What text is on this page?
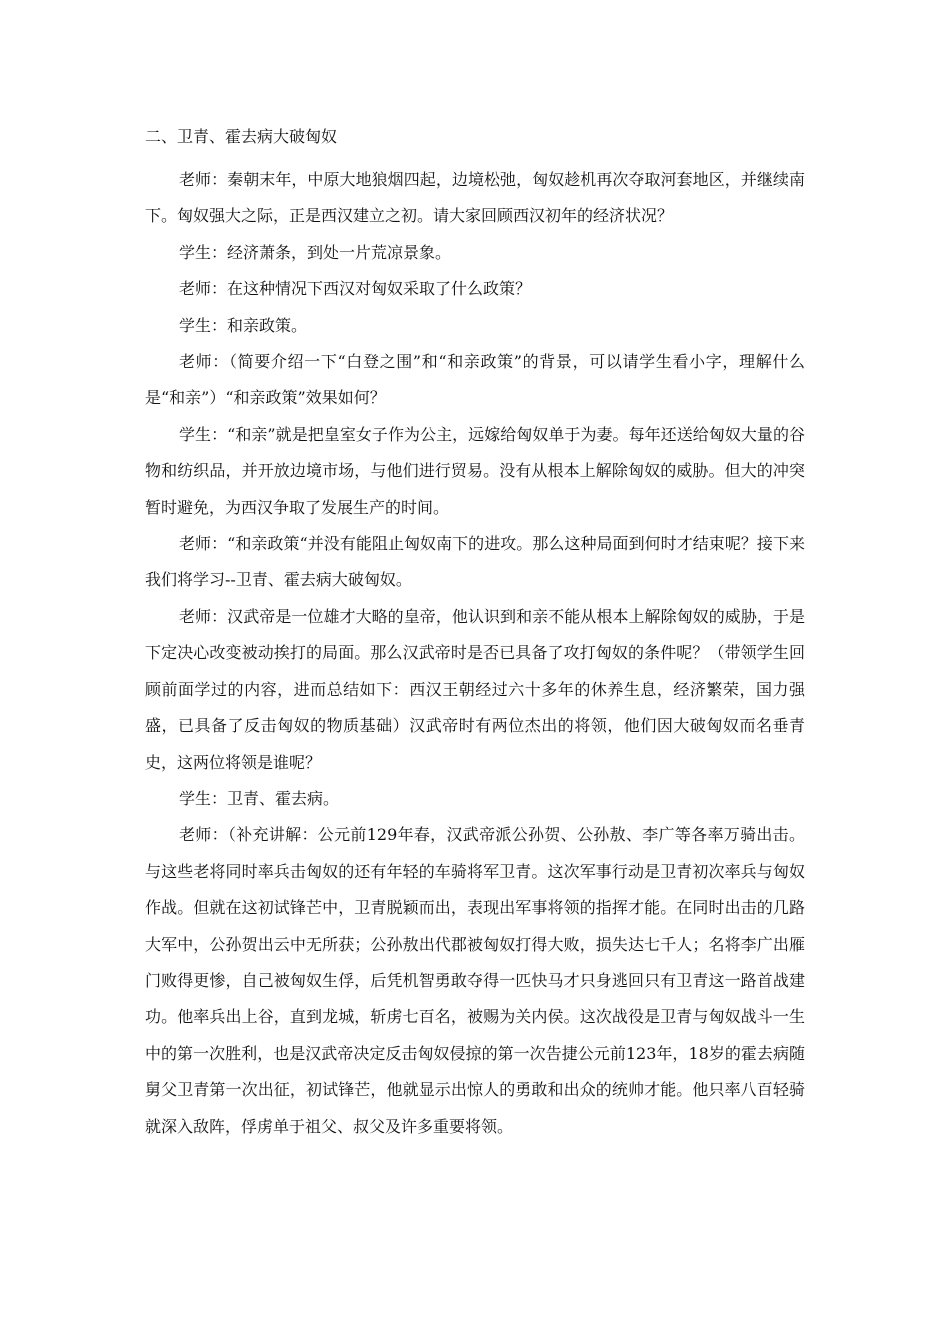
二、卫青、霍去病大破匈奴

老师：秦朝末年，中原大地狼烟四起，边境松弛，匈奴趁机再次夺取河套地区，并继续南下。匈奴强大之际，正是西汉建立之初。请大家回顾西汉初年的经济状况？

学生：经济萧条，到处一片荒凉景象。

老师：在这种情况下西汉对匈奴采取了什么政策？

学生：和亲政策。

老师：（简要介绍一下“白登之围”和“和亲政策”的背景，可以请学生看小字，理解什么是“和亲”）“和亲政策”效果如何？

学生：“和亲”就是把皇室女子作为公主，远嫁给匈奴单于为妻。每年还送给匈奴大量的谷物和纺织品，并开放边境市场，与他们进行贸易。没有从根本上解除匈奴的威胁。但大的冲突暂时避免，为西汉争取了发展生产的时间。

老师：“和亲政策“并没有能阻止匈奴南下的进攻。那么这种局面到何时才结束呢？接下来我们将学习--卫青、霍去病大破匈奴。

老师：汉武帝是一位雄才大略的皇帝，他认识到和亲不能从根本上解除匈奴的威胁，于是下定决心改变被动挨打的局面。那么汉武帝时是否已具备了攻打匈奴的条件呢？（带领学生回顾前面学过的内容，进而总结如下：西汉王朝经过六十多年的休养生息，经济繁荣，国力强盛，已具备了反击匈奴的物质基础）汉武帝时有两位杰出的将领，他们因大破匈奴而名垂青史，这两位将领是谁呢？

学生：卫青、霍去病。

老师：（补充讲解：公元前129年春，汉武帝派公孙贺、公孙敖、李广等各率万骑出击。与这些老将同时率兵击匈奴的还有年轻的车骑将军卫青。这次军事行动是卫青初次率兵与匈奴作战。但就在这初试锋芒中，卫青脱颖而出，表现出军事将领的指挥才能。在同时出击的几路大军中，公孙贺出云中无所获；公孙敖出代郡被匈奴打得大败，损失达七千人；名将李广出雁门败得更惨，自己被匈奴生俘，后凭机智勇敢夺得一匹快马才只身逃回只有卫青这一路首战建功。他率兵出上谷，直到龙城，斩虏七百名，被赐为关内侯。这次战役是卫青与匈奴战斗一生中的第一次胜利，也是汉武帝决定反击匈奴侵掠的第一次告捷公元前123年，18岁的霍去病随舅父卫青第一次出征，初试锋芒，他就显示出惊人的勇敢和出众的统帅才能。他只率八百轻骑就深入敌阵，俘虏单于祖父、叔父及许多重要将领。
